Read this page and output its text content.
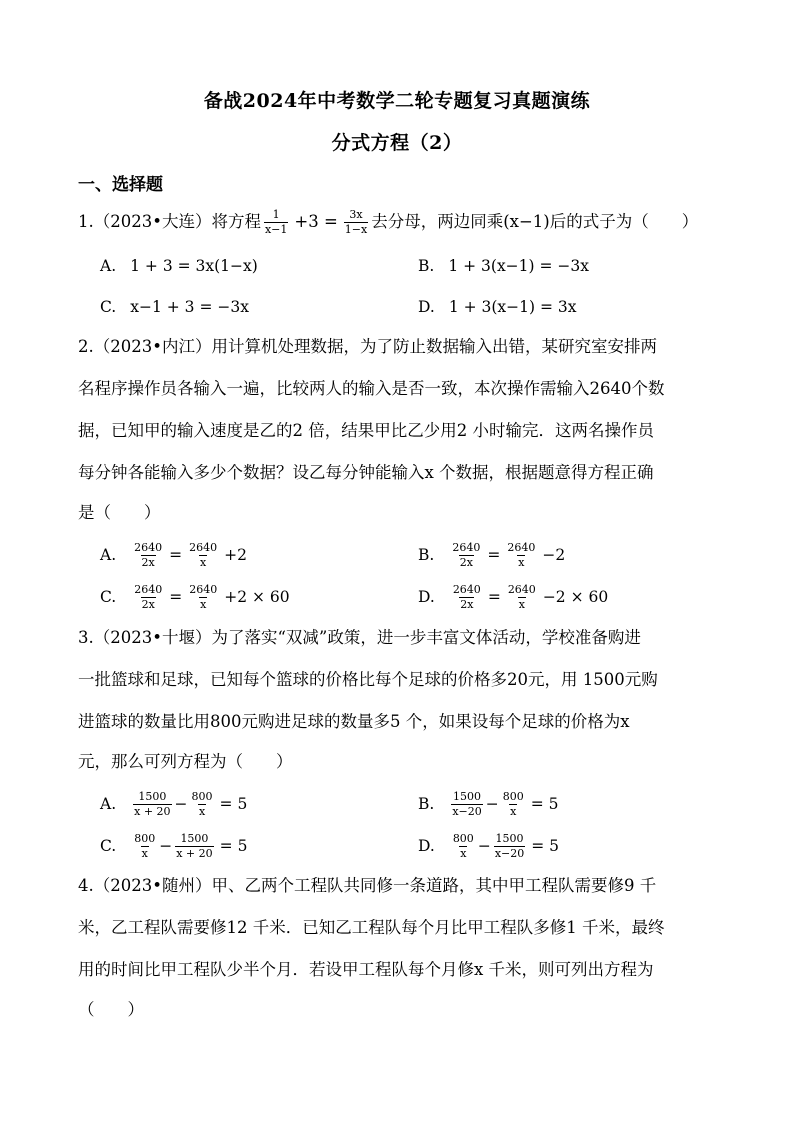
备战2024年中考数学二轮专题复习真题演练
分式方程（2）
一、选择题
1.（2023•大连）将方程 $\frac{1}{x-1} +3 = \frac{3x}{1-x}$ 去分母，两边同乘(x−1)后的式子为（　　）
A. 1 + 3 = 3x(1−x)	B. 1 + 3(x−1) = −3x
C. x−1 + 3 = −3x	D. 1 + 3(x−1) = 3x
2.（2023•内江）用计算机处理数据，为了防止数据输入出错，某研究室安排两
名程序操作员各输入一遍，比较两人的输入是否一致，本次操作需输入2640个数
据，已知甲的输入速度是乙的2 倍，结果甲比乙少用2 小时输完．这两名操作员
每分钟各能输入多少个数据？设乙每分钟能输入x 个数据，根据题意得方程正确
是（　　）
A. $\frac{2640}{2x} = \frac{2640}{x} +2$	B. $\frac{2640}{2x} = \frac{2640}{x} -2$
C. $\frac{2640}{2x} = \frac{2640}{x} +2 \times 60$	D. $\frac{2640}{2x} = \frac{2640}{x} -2 \times 60$
3.（2023•十堰）为了落实“双减”政策，进一步丰富文体活动，学校准备购进
一批篮球和足球，已知每个篮球的价格比每个足球的价格多20元，用 1500元购
进篮球的数量比用800元购进足球的数量多5 个，如果设每个足球的价格为x
元，那么可列方程为（　　）
A. $\frac{1500}{x + 20} - \frac{800}{x} = 5$	B. $\frac{1500}{x-20} - \frac{800}{x} = 5$
C. $\frac{800}{x} - \frac{1500}{x + 20} = 5$	D. $\frac{800}{x} - \frac{1500}{x-20} = 5$
4.（2023•随州）甲、乙两个工程队共同修一条道路，其中甲工程队需要修9 千
米，乙工程队需要修12 千米．已知乙工程队每个月比甲工程队多修1 千米，最终
用的时间比甲工程队少半个月．若设甲工程队每个月修x 千米，则可列出方程为
（　　）
